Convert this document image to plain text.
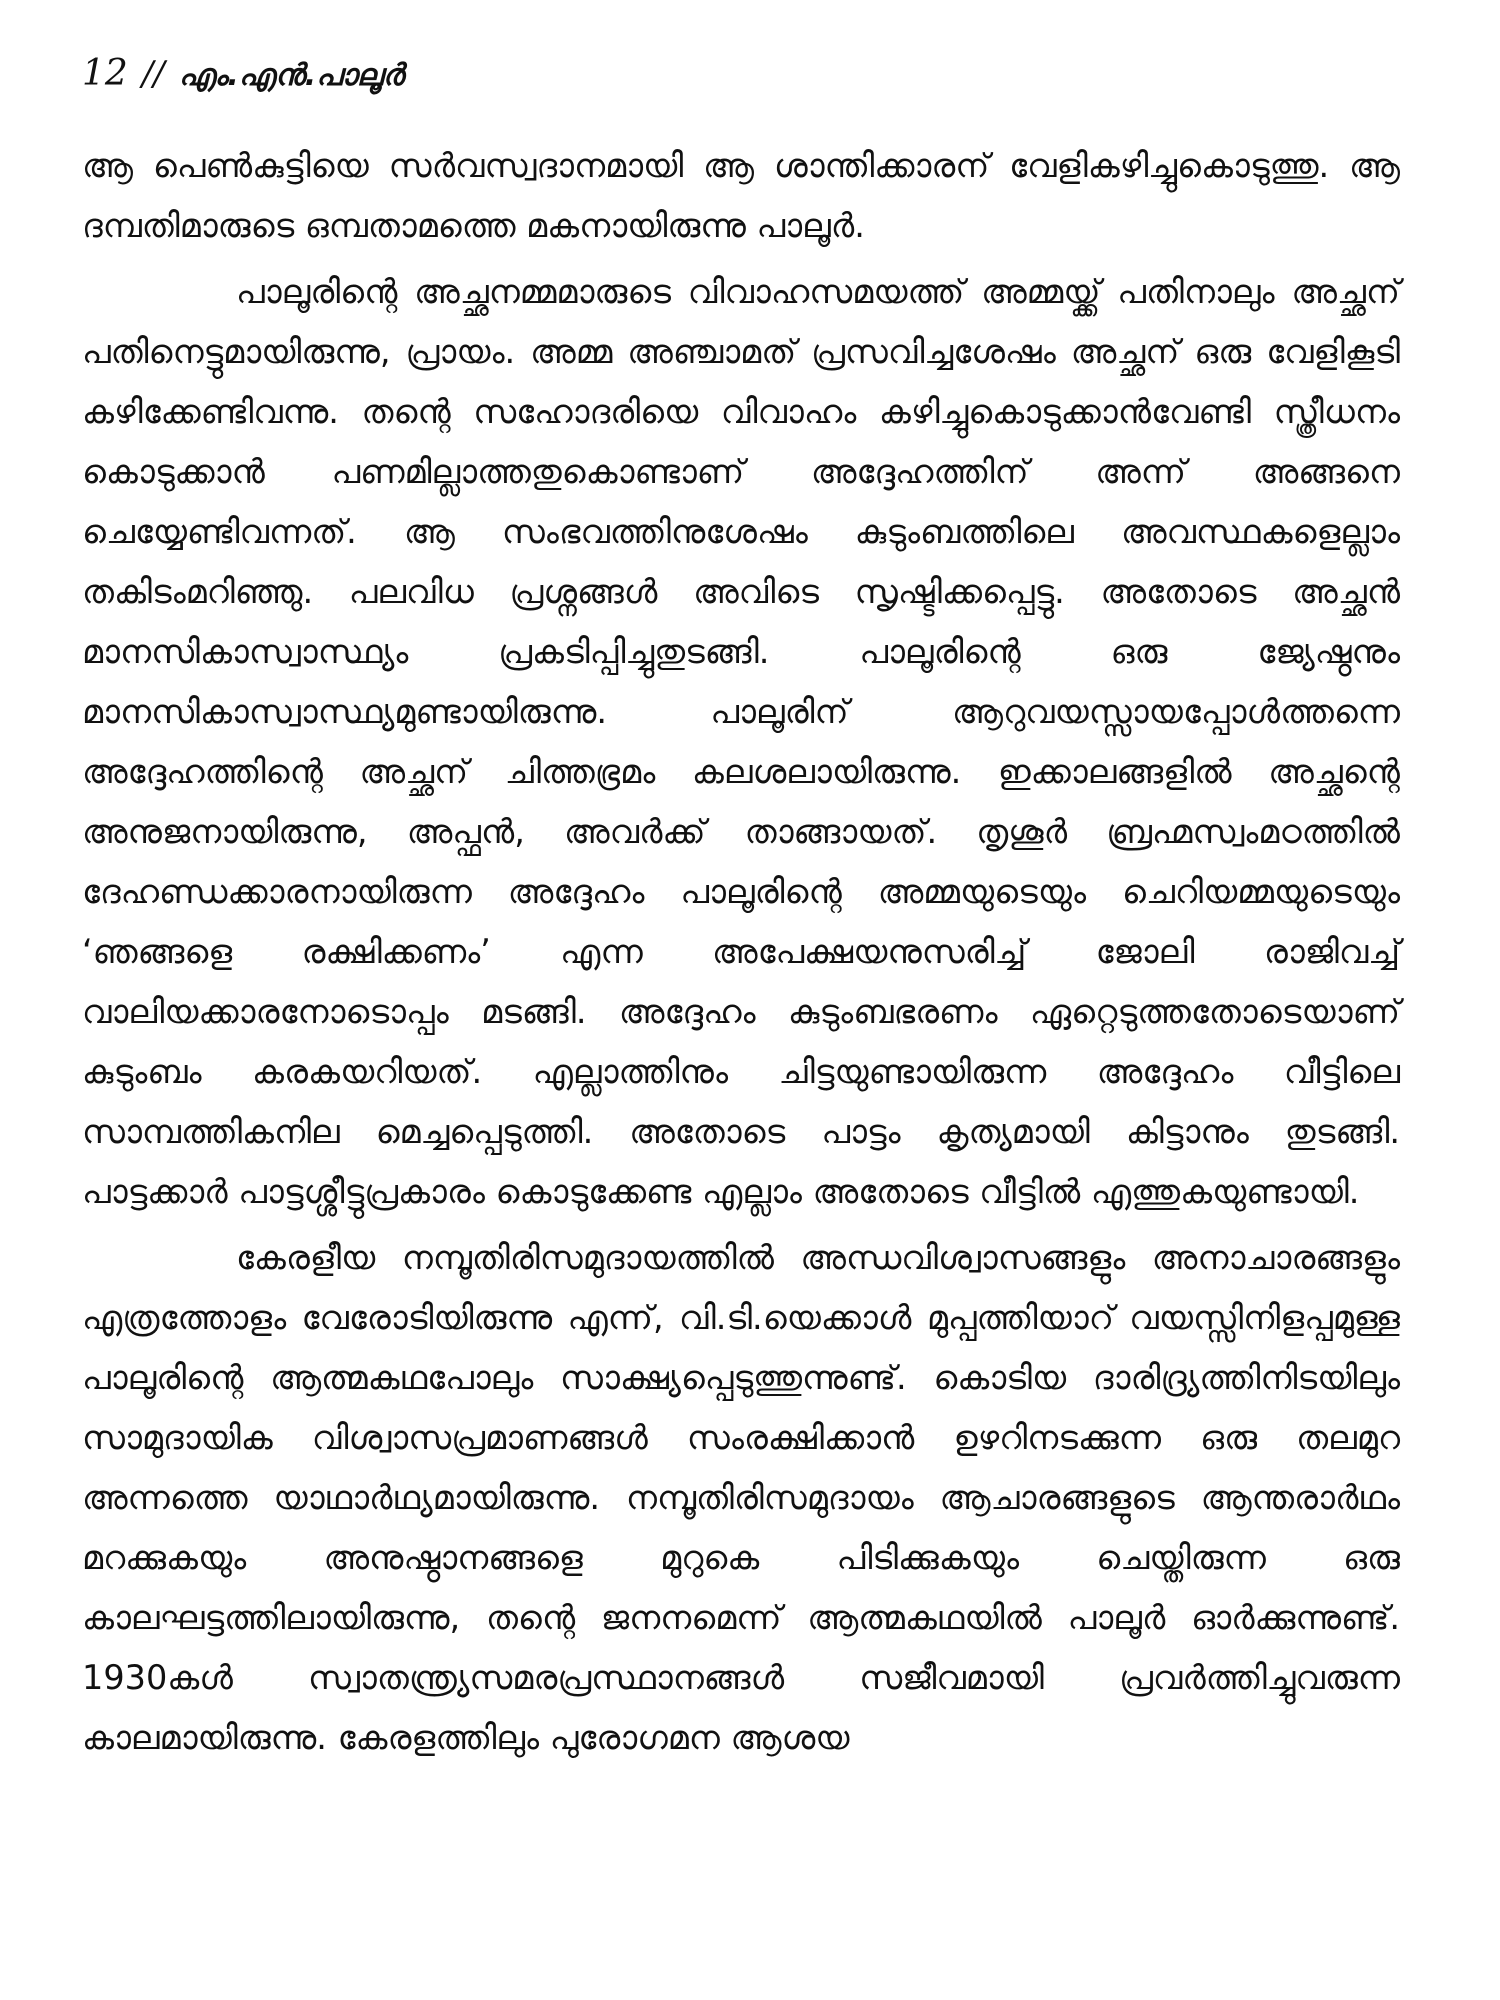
12 // എം.എൻ.പാലൂർ

ആ പെൺകുട്ടിയെ സർവസ്വദാനമായി ആ ശാന്തിക്കാരന് വേളികഴിച്ചുകൊടുത്തു. ആ ദമ്പതിമാരുടെ ഒമ്പതാമത്തെ മകനായിരുന്നു പാലൂർ.

പാലൂരിന്റെ അച്ഛനമ്മമാരുടെ വിവാഹസമയത്ത് അമ്മയ്ക്ക് പതിനാലും അച്ഛന് പതിനെട്ടുമായിരുന്നു, പ്രായം. അമ്മ അഞ്ചാമത് പ്രസവിച്ചശേഷം അച്ഛന് ഒരു വേളികൂടി കഴിക്കേണ്ടിവന്നു. തന്റെ സഹോദരിയെ വിവാഹം കഴിച്ചുകൊടുക്കാൻവേണ്ടി സ്ത്രീധനം കൊടുക്കാൻ പണമില്ലാത്തതുകൊണ്ടാണ് അദ്ദേഹത്തിന് അന്ന് അങ്ങനെ ചെയ്യേണ്ടിവന്നത്. ആ സംഭവത്തിനുശേഷം കുടുംബത്തിലെ അവസ്ഥകളെല്ലാം തകിടംമറിഞ്ഞു. പലവിധ പ്രശ്നങ്ങൾ അവിടെ സൃഷ്ടിക്കപ്പെട്ടു. അതോടെ അച്ഛൻ മാനസികാസ്വാസ്ഥ്യം പ്രകടിപ്പിച്ചുതുടങ്ങി. പാലൂരിന്റെ ഒരു ജ്യേഷ്ഠനും മാനസികാസ്വാസ്ഥ്യമുണ്ടായിരുന്നു. പാലൂരിന് ആറുവയസ്സായപ്പോൾത്തന്നെ അദ്ദേഹത്തിന്റെ അച്ഛന് ചിത്തഭ്രമം കലശലായിരുന്നു. ഇക്കാലങ്ങളിൽ അച്ഛന്റെ അനുജനായിരുന്നു, അപ്ഫൻ, അവർക്ക് താങ്ങായത്. തൃശൂർ ബ്രഹ്മസ്വംമഠത്തിൽ ദേഹണ്ഡക്കാരനായിരുന്ന അദ്ദേഹം പാലൂരിന്റെ അമ്മയുടെയും ചെറിയമ്മയുടെയും ‘ഞങ്ങളെ രക്ഷിക്കണം’ എന്ന അപേക്ഷയനുസരിച്ച് ജോലി രാജിവച്ച് വാലിയക്കാരനോടൊപ്പം മടങ്ങി. അദ്ദേഹം കുടുംബഭരണം ഏറ്റെടുത്തതോടെയാണ് കുടുംബം കരകയറിയത്. എല്ലാത്തിനും ചിട്ടയുണ്ടായിരുന്ന അദ്ദേഹം വീട്ടിലെ സാമ്പത്തികനില മെച്ചപ്പെടുത്തി. അതോടെ പാട്ടം കൃത്യമായി കിട്ടാനും തുടങ്ങി. പാട്ടക്കാർ പാട്ടശ്ശീട്ടുപ്രകാരം കൊടുക്കേണ്ട എല്ലാം അതോടെ വീട്ടിൽ എത്തുകയുണ്ടായി.

കേരളീയ നമ്പൂതിരിസമുദായത്തിൽ അന്ധവിശ്വാസങ്ങളും അനാചാരങ്ങളും എത്രത്തോളം വേരോടിയിരുന്നു എന്ന്, വി.ടി.യെക്കാൾ മുപ്പത്തിയാറ് വയസ്സിനിളപ്പമുള്ള പാലൂരിന്റെ ആത്മകഥപോലും സാക്ഷ്യപ്പെടുത്തുന്നുണ്ട്. കൊടിയ ദാരിദ്ര്യത്തിനിടയിലും സാമുദായിക വിശ്വാസപ്രമാണങ്ങൾ സംരക്ഷിക്കാൻ ഉഴറിനടക്കുന്ന ഒരു തലമുറ അന്നത്തെ യാഥാർഥ്യമായിരുന്നു. നമ്പൂതിരിസമുദായം ആചാരങ്ങളുടെ ആന്തരാർഥം മറക്കുകയും അനുഷ്ഠാനങ്ങളെ മുറുകെ പിടിക്കുകയും ചെയ്തിരുന്ന ഒരു കാലഘട്ടത്തിലായിരുന്നു, തന്റെ ജനനമെന്ന് ആത്മകഥയിൽ പാലൂർ ഓർക്കുന്നുണ്ട്. 1930കൾ സ്വാതന്ത്ര്യസമരപ്രസ്ഥാനങ്ങൾ സജീവമായി പ്രവർത്തിച്ചുവരുന്ന കാലമായിരുന്നു. കേരളത്തിലും പുരോഗമന ആശയ
